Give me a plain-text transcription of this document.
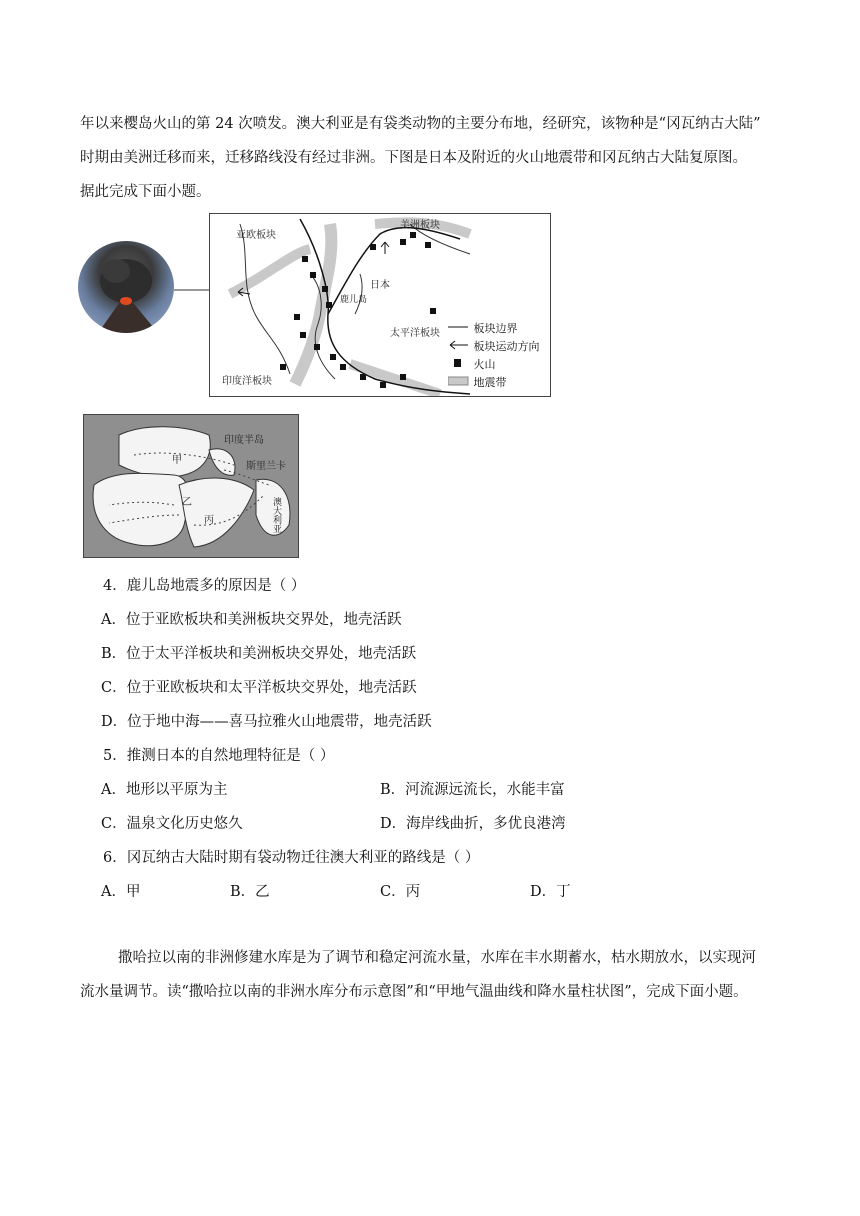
年以来樱岛火山的第 24 次喷发。澳大利亚是有袋类动物的主要分布地，经研究，该物种是“冈瓦纳古大陆”
时期由美洲迁移而来，迁移路线没有经过非洲。下图是日本及附近的火山地震带和冈瓦纳古大陆复原图。
据此完成下面小题。
亚欧板块
美洲板块
日本
鹿儿岛
太平洋板块
印度洋板块
板块边界
板块运动方向
火山
地震带
印度半岛
斯里兰卡
甲
乙
丙	澳大利亚
4．鹿儿岛地震多的原因是（ ）
A．位于亚欧板块和美洲板块交界处，地壳活跃
B．位于太平洋板块和美洲板块交界处，地壳活跃
C．位于亚欧板块和太平洋板块交界处，地壳活跃
D．位于地中海——喜马拉雅火山地震带，地壳活跃
5．推测日本的自然地理特征是（ ）
A．地形以平原为主	B．河流源远流长，水能丰富
C．温泉文化历史悠久	D．海岸线曲折，多优良港湾
6．冈瓦纳古大陆时期有袋动物迁往澳大利亚的路线是（ ）
A．甲	B．乙	C．丙	D．丁
撒哈拉以南的非洲修建水库是为了调节和稳定河流水量，水库在丰水期蓄水，枯水期放水，以实现河
流水量调节。读“撒哈拉以南的非洲水库分布示意图”和“甲地气温曲线和降水量柱状图”，完成下面小题。
